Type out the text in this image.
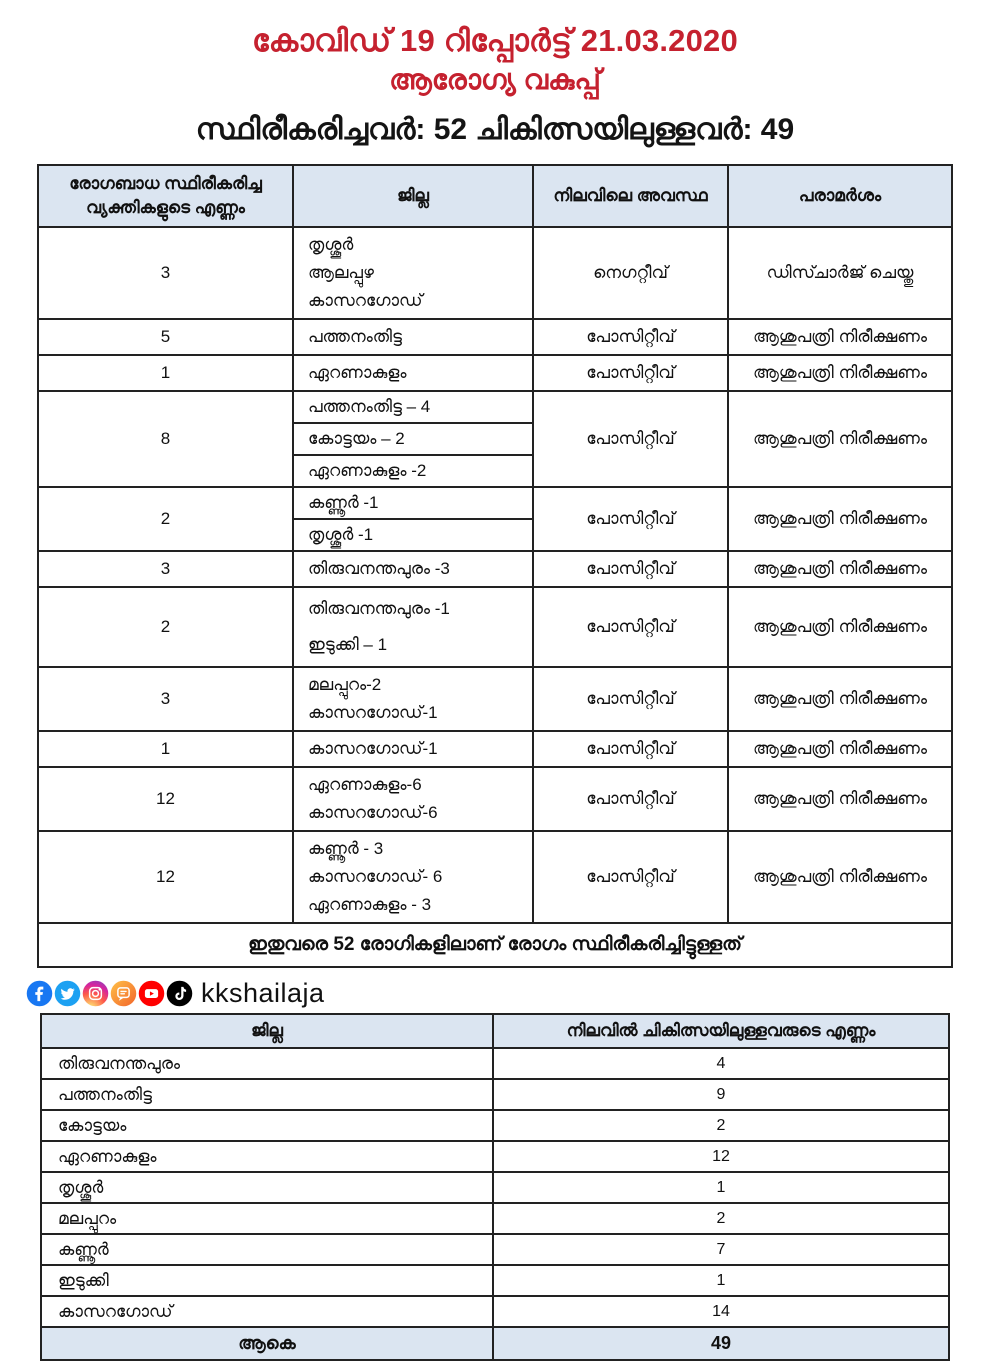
കോവിഡ് 19 റിപ്പോർട്ട് 21.03.2020
ആരോഗ്യ വകുപ്പ്
സ്ഥിരീകരിച്ചവർ: 52 ചികിത്സയിലുള്ളവർ: 49
രോഗബാധ സ്ഥിരീകരിച്ച
വ്യക്തികളുടെ എണ്ണം	ജില്ല	നിലവിലെ അവസ്ഥ	പരാമർശം
3	തൃശ്ശൂർ
ആലപ്പുഴ
കാസറഗോഡ്	നെഗറ്റീവ്	ഡിസ്ചാർജ് ചെയ്തു
5	പത്തനംതിട്ട	പോസിറ്റീവ്	ആശുപത്രി നിരീക്ഷണം
1	ഏറണാകുളം	പോസിറ്റീവ്	ആശുപത്രി നിരീക്ഷണം
8	പത്തനംതിട്ട – 4
കോട്ടയം – 2
ഏറണാകുളം -2	പോസിറ്റീവ്	ആശുപത്രി നിരീക്ഷണം
2	കണ്ണൂർ -1
തൃശ്ശൂർ -1	പോസിറ്റീവ്	ആശുപത്രി നിരീക്ഷണം
3	തിരുവനന്തപുരം -3	പോസിറ്റീവ്	ആശുപത്രി നിരീക്ഷണം
2	തിരുവനന്തപുരം -1
ഇടുക്കി – 1	പോസിറ്റീവ്	ആശുപത്രി നിരീക്ഷണം
3	മലപ്പുറം-2
കാസറഗോഡ്-1	പോസിറ്റീവ്	ആശുപത്രി നിരീക്ഷണം
1	കാസറഗോഡ്-1	പോസിറ്റീവ്	ആശുപത്രി നിരീക്ഷണം
12	ഏറണാകുളം-6
കാസറഗോഡ്-6	പോസിറ്റീവ്	ആശുപത്രി നിരീക്ഷണം
12	കണ്ണൂർ - 3
കാസറഗോഡ്- 6
ഏറണാകുളം - 3	പോസിറ്റീവ്	ആശുപത്രി നിരീക്ഷണം
ഇതുവരെ 52 രോഗികളിലാണ് രോഗം സ്ഥിരീകരിച്ചിട്ടുള്ളത്			
kkshailaja
ജില്ല	നിലവിൽ ചികിത്സയിലുള്ളവരുടെ എണ്ണം
തിരുവനന്തപുരം	4
പത്തനംതിട്ട	9
കോട്ടയം	2
ഏറണാകുളം	12
തൃശ്ശൂർ	1
മലപ്പുറം	2
കണ്ണൂർ	7
ഇടുക്കി	1
കാസറഗോഡ്	14
ആകെ	49
